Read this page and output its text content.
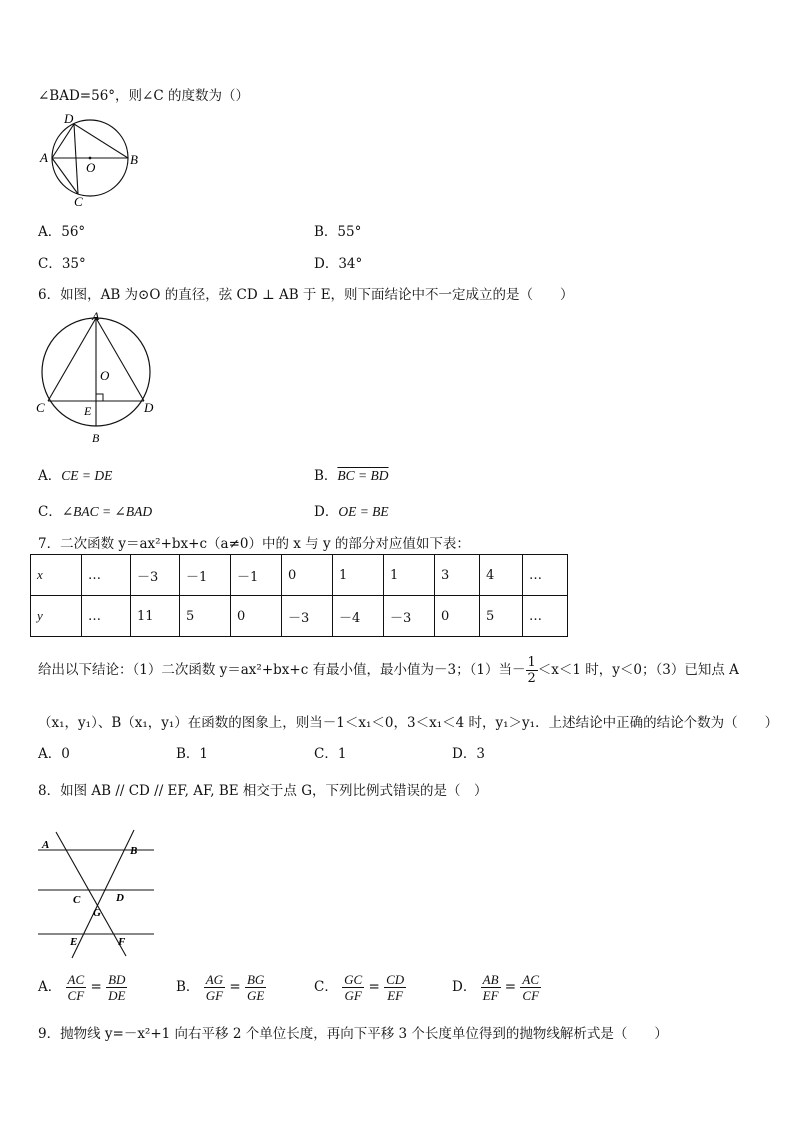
∠BAD=56°，则∠C 的度数为（）
D
A
O
B
C
A．56°	B．55°
C．35°	D．34°
6．如图，AB 为⊙O 的直径，弦 CD ⊥ AB 于 E，则下面结论中不一定成立的是（　　）
A
O
C	E	D
B
A．CE = DE	B．BC = BD
C．∠BAC = ∠BAD	D．OE = BE
7．二次函数 y＝ax²+bx+c（a≠0）中的 x 与 y 的部分对应值如下表：
x	…	－3	－1	－1	0	1	1	3	4	…
y	…	11	5	0	－3	－4	－3	0	5	…
给出以下结论：（1）二次函数 y＝ax²+bx+c 有最小值，最小值为－3；（1）当－ $\frac{1}{2} <x<1$ 时，y＜0；（3）已知点 A
（x₁，y₁）、B（x₁，y₁）在函数的图象上，则当－1＜x₁＜0，3＜x₁＜4 时，y₁＞y₁．上述结论中正确的结论个数为（　　）
A．0	B．1	C．1	D．3
8．如图 AB // CD // EF, AF, BE 相交于点 G，下列比例式错误的是（　）
A	B
C	D
G
E	F
A． $\frac{AC}{CF} = \frac{BD}{DE}$	B． $\frac{AG}{GF} = \frac{BG}{GE}$	C． $\frac{GC}{GF} = \frac{CD}{EF}$	D． $\frac{AB}{EF} = \frac{AC}{CF}$
9．抛物线 y=－x²+1 向右平移 2 个单位长度，再向下平移 3 个长度单位得到的抛物线解析式是（　　）
